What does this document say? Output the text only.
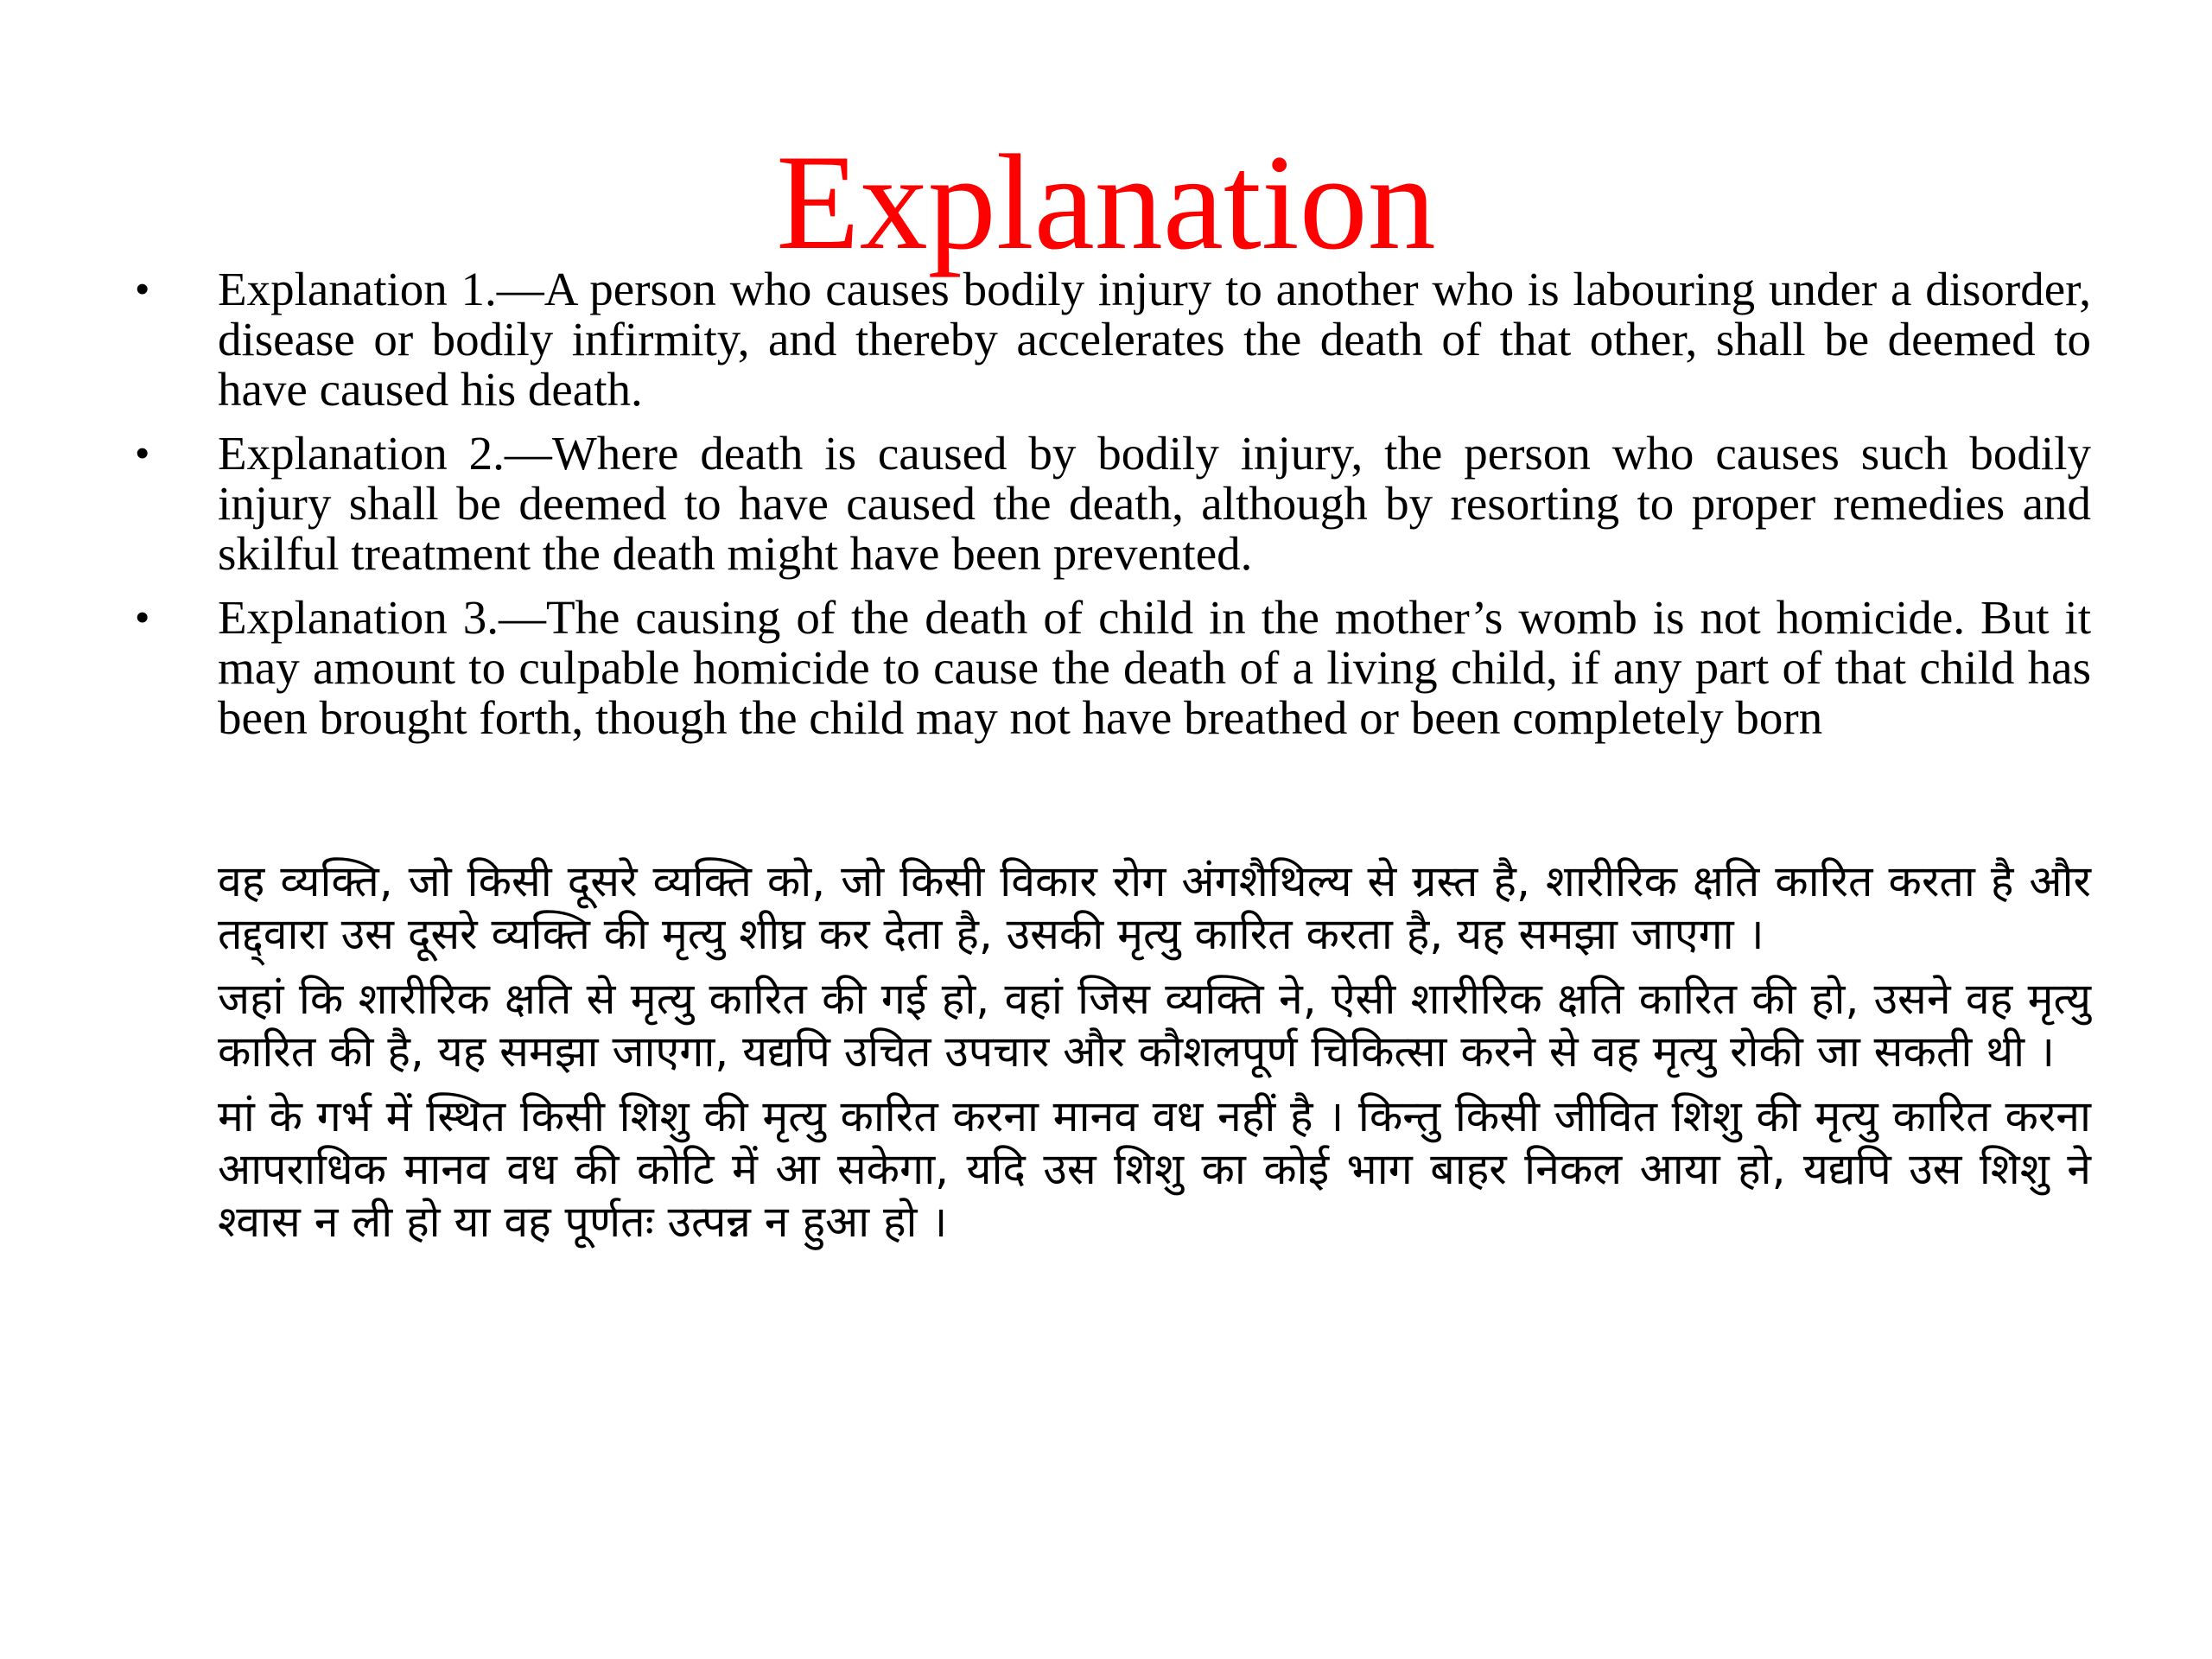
Explanation
• Explanation 1.—A person who causes bodily injury to another who is labouring under a disorder, disease or bodily infirmity, and thereby accelerates the death of that other, shall be deemed to have caused his death.
• Explanation 2.—Where death is caused by bodily injury, the person who causes such bodily injury shall be deemed to have caused the death, although by resorting to proper remedies and skilful treatment the death might have been prevented.
• Explanation 3.—The causing of the death of child in the mother’s womb is not homicide. But it may amount to culpable homicide to cause the death of a living child, if any part of that child has been brought forth, though the child may not have breathed or been completely born

वह व्यक्ति, जो किसी दूसरे व्यक्ति को, जो किसी विकार रोग अंगशैथिल्य से ग्रस्त है, शारीरिक क्षति कारित करता है और तद्द्वारा उस दूसरे व्यक्ति की मृत्यु शीघ्र कर देता है, उसकी मृत्यु कारित करता है, यह समझा जाएगा ।

जहां कि शारीरिक क्षति से मृत्यु कारित की गई हो, वहां जिस व्यक्ति ने, ऐसी शारीरिक क्षति कारित की हो, उसने वह मृत्यु कारित की है, यह समझा जाएगा, यद्यपि उचित उपचार और कौशलपूर्ण चिकित्सा करने से वह मृत्यु रोकी जा सकती थी ।

मां के गर्भ में स्थित किसी शिशु की मृत्यु कारित करना मानव वध नहीं है । किन्तु किसी जीवित शिशु की मृत्यु कारित करना आपराधिक मानव वध की कोटि में आ सकेगा, यदि उस शिशु का कोई भाग बाहर निकल आया हो, यद्यपि उस शिशु ने श्वास न ली हो या वह पूर्णतः उत्पन्न न हुआ हो ।
